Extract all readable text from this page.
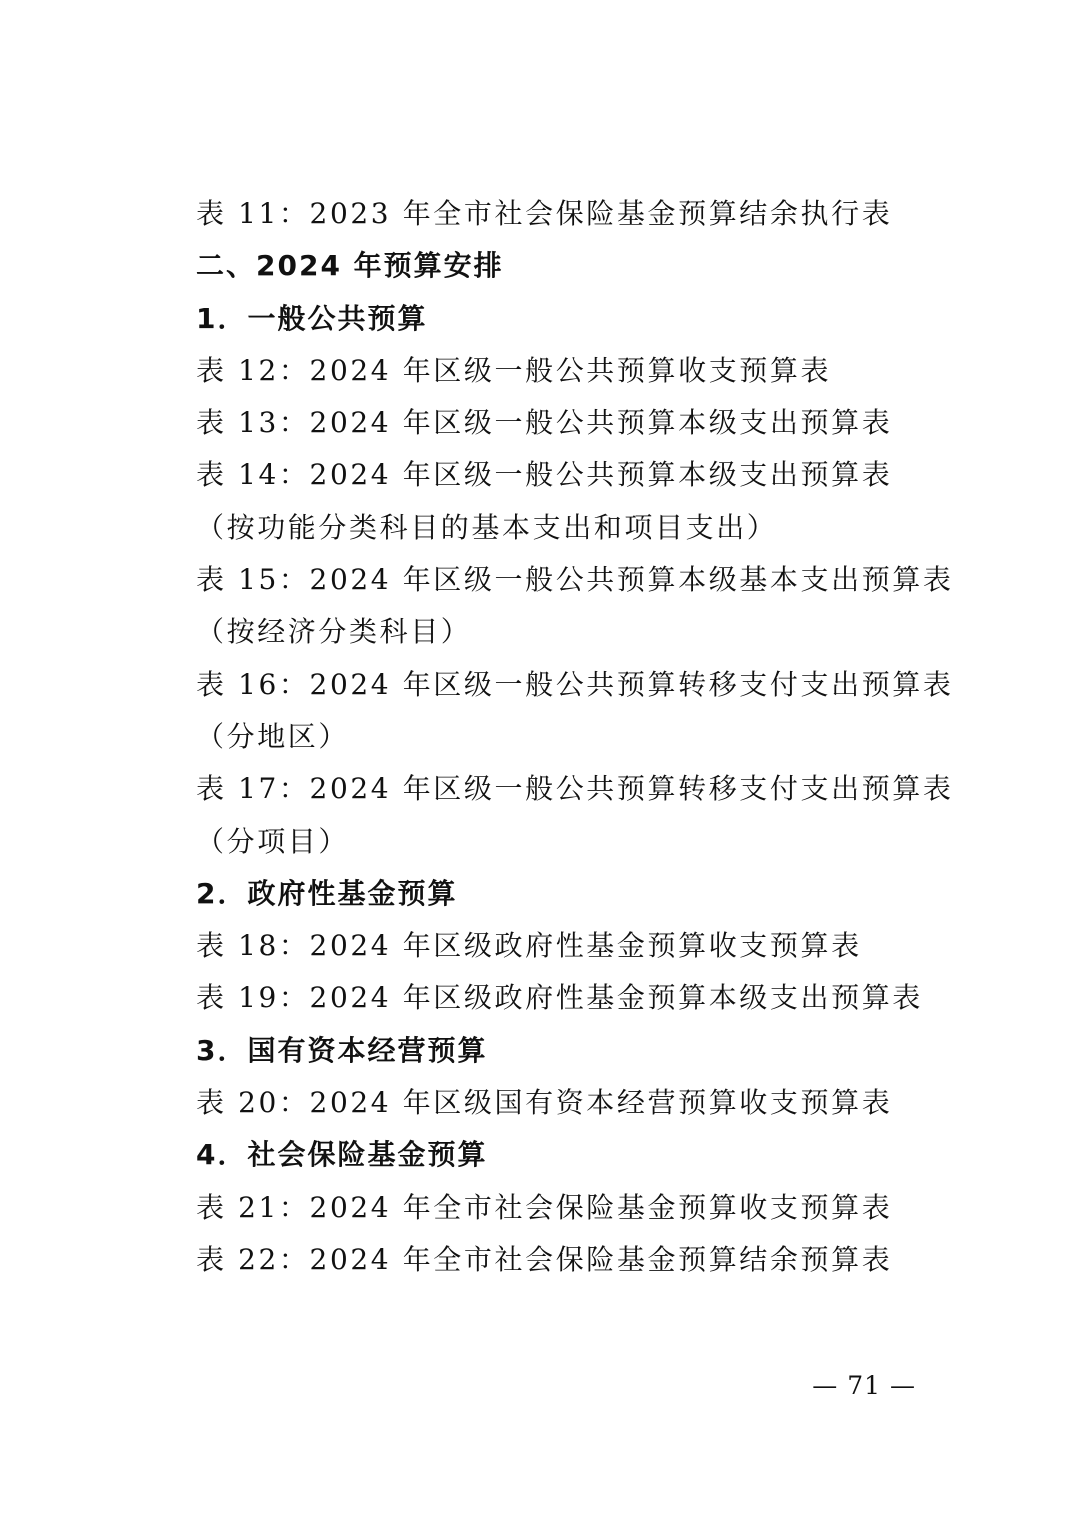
表 11：2023 年全市社会保险基金预算结余执行表
二、2024 年预算安排
1．一般公共预算
表 12：2024 年区级一般公共预算收支预算表
表 13：2024 年区级一般公共预算本级支出预算表
表 14：2024 年区级一般公共预算本级支出预算表
（按功能分类科目的基本支出和项目支出）
表 15：2024 年区级一般公共预算本级基本支出预算表
（按经济分类科目）
表 16：2024 年区级一般公共预算转移支付支出预算表
（分地区）
表 17：2024 年区级一般公共预算转移支付支出预算表
（分项目）
2．政府性基金预算
表 18：2024 年区级政府性基金预算收支预算表
表 19：2024 年区级政府性基金预算本级支出预算表
3．国有资本经营预算
表 20：2024 年区级国有资本经营预算收支预算表
4．社会保险基金预算
表 21：2024 年全市社会保险基金预算收支预算表
表 22：2024 年全市社会保险基金预算结余预算表
— 71 —
